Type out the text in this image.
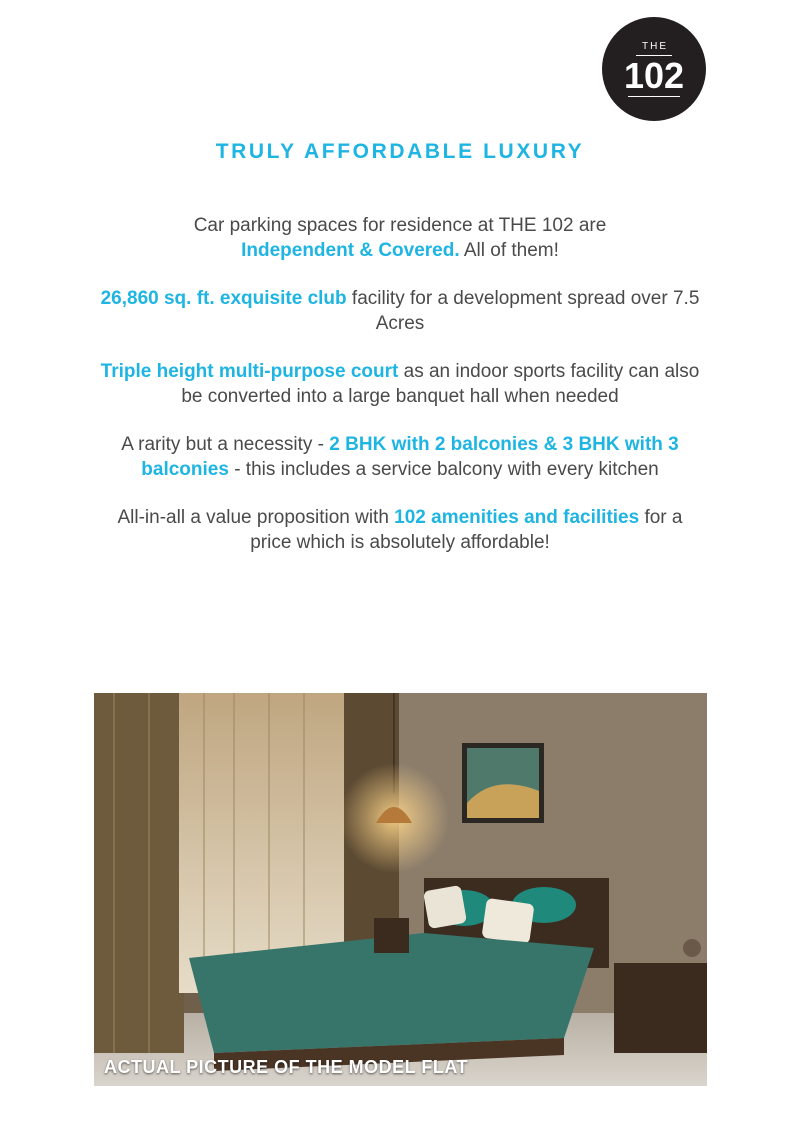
THE
102
TRULY AFFORDABLE LUXURY

Car parking spaces for residence at THE 102 are
Independent & Covered. All of them!

26,860 sq. ft. exquisite club facility for a development spread over 7.5 Acres

Triple height multi-purpose court as an indoor sports facility can also be converted into a large banquet hall when needed

A rarity but a necessity - 2 BHK with 2 balconies & 3 BHK with 3 balconies - this includes a service balcony with every kitchen

All-in-all a value proposition with 102 amenities and facilities for a price which is absolutely affordable!

ACTUAL PICTURE OF THE MODEL FLAT
